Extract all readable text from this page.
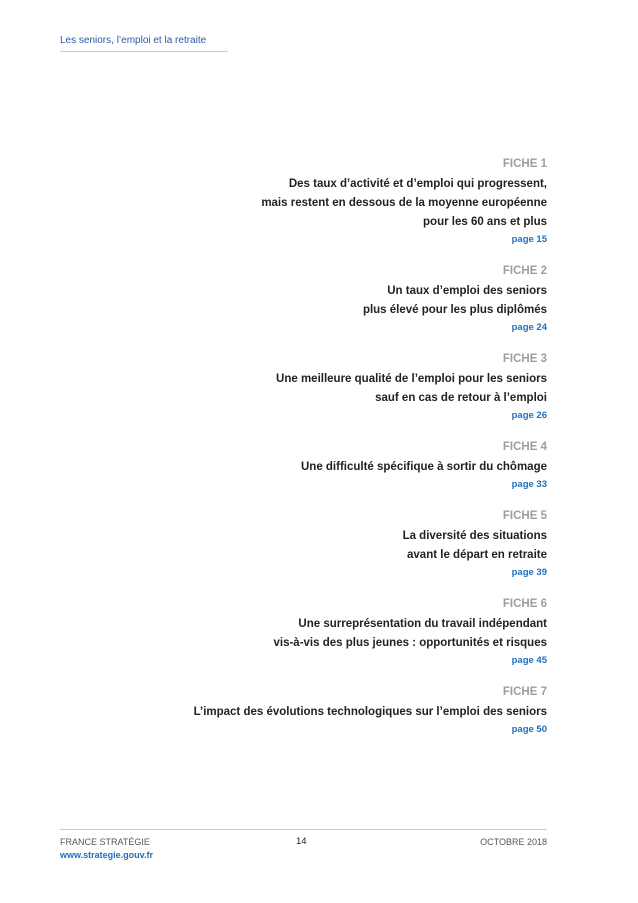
Les seniors, l’emploi et la retraite
FICHE 1
Des taux d’activité et d’emploi qui progressent,
mais restent en dessous de la moyenne européenne
pour les 60 ans et plus
page 15
FICHE 2
Un taux d’emploi des seniors
plus élevé pour les plus diplômés
page 24
FICHE 3
Une meilleure qualité de l’emploi pour les seniors
sauf en cas de retour à l’emploi
page 26
FICHE 4
Une difficulté spécifique à sortir du chômage
page 33
FICHE 5
La diversité des situations
avant le départ en retraite
page 39
FICHE 6
Une surreprésentation du travail indépendant
vis-à-vis des plus jeunes : opportunités et risques
page 45
FICHE 7
L’impact des évolutions technologiques sur l’emploi des seniors
page 50
FRANCE STRATÉGIE
www.strategie.gouv.fr
14	OCTOBRE 2018
